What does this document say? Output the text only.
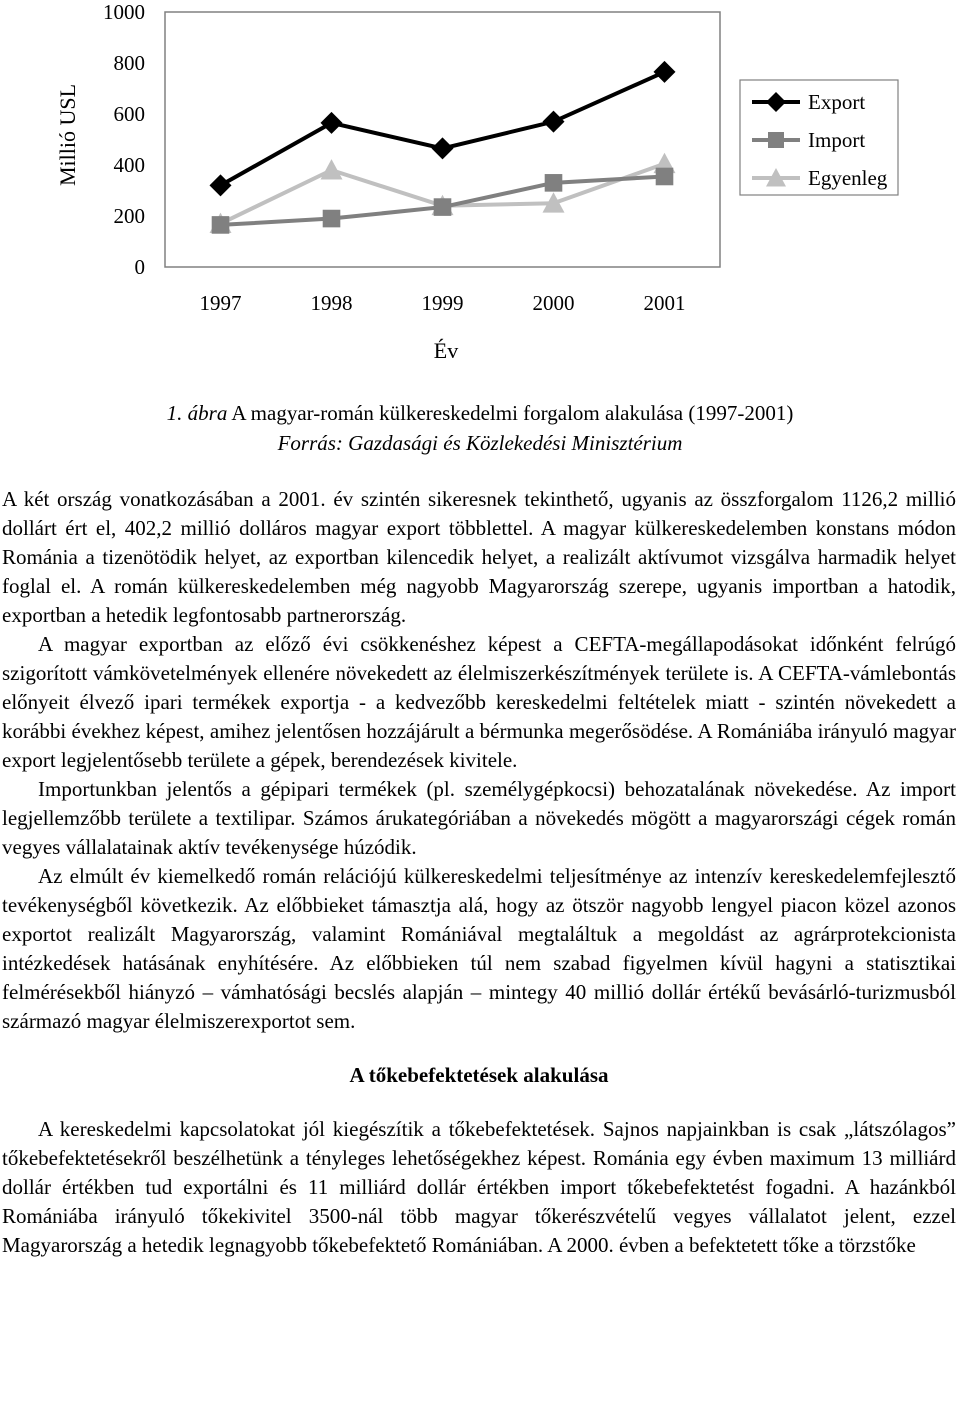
0
200
400
600
800
1000
1997	1998	1999	2000	2001
Millió USL
Év
Export
Import
Egyenleg
1. ábra A magyar-román külkereskedelmi forgalom alakulása (1997-2001)
Forrás: Gazdasági és Közlekedési Minisztérium

A két ország vonatkozásában a 2001. év szintén sikeresnek tekinthető, ugyanis az összforgalom 1126,2 millió dollárt ért el, 402,2 millió dolláros magyar export többlettel. A magyar külkereskedelemben konstans módon Románia a tizenötödik helyet, az exportban kilencedik helyet, a realizált aktívumot vizsgálva harmadik helyet foglal el. A román külkereskedelemben még nagyobb Magyarország szerepe, ugyanis importban a hatodik, exportban a hetedik legfontosabb partnerország.

A magyar exportban az előző évi csökkenéshez képest a CEFTA-megállapodásokat időnként felrúgó szigorított vámkövetelmények ellenére növekedett az élelmiszerkészítmények területe is. A CEFTA-vámlebontás előnyeit élvező ipari termékek exportja - a kedvezőbb kereskedelmi feltételek miatt - szintén növekedett a korábbi évekhez képest, amihez jelentősen hozzájárult a bérmunka megerősödése. A Romániába irányuló magyar export legjelentősebb területe a gépek, berendezések kivitele.

Importunkban jelentős a gépipari termékek (pl. személygépkocsi) behozatalának növekedése. Az import legjellemzőbb területe a textilipar. Számos árukategóriában a növekedés mögött a magyarországi cégek román vegyes vállalatainak aktív tevékenysége húzódik.

Az elmúlt év kiemelkedő román relációjú külkereskedelmi teljesítménye az intenzív kereskedelemfejlesztő tevékenységből következik. Az előbbieket támasztja alá, hogy az ötször nagyobb lengyel piacon közel azonos exportot realizált Magyarország, valamint Romániával megtaláltuk a megoldást az agrárprotekcionista intézkedések hatásának enyhítésére. Az előbbieken túl nem szabad figyelmen kívül hagyni a statisztikai felmérésekből hiányzó – vámhatósági becslés alapján – mintegy 40 millió dollár értékű bevásárló-turizmusból származó magyar élelmiszerexportot sem.

A tőkebefektetések alakulása

A kereskedelmi kapcsolatokat jól kiegészítik a tőkebefektetések. Sajnos napjainkban is csak „látszólagos” tőkebefektetésekről beszélhetünk a tényleges lehetőségekhez képest. Románia egy évben maximum 13 milliárd dollár értékben tud exportálni és 11 milliárd dollár értékben import tőkebefektetést fogadni. A hazánkból Romániába irányuló tőkekivitel 3500-nál több magyar tőkerészvételű vegyes vállalatot jelent, ezzel Magyarország a hetedik legnagyobb tőkebefektető Romániában. A 2000. évben a befektetett tőke a törzstőke
